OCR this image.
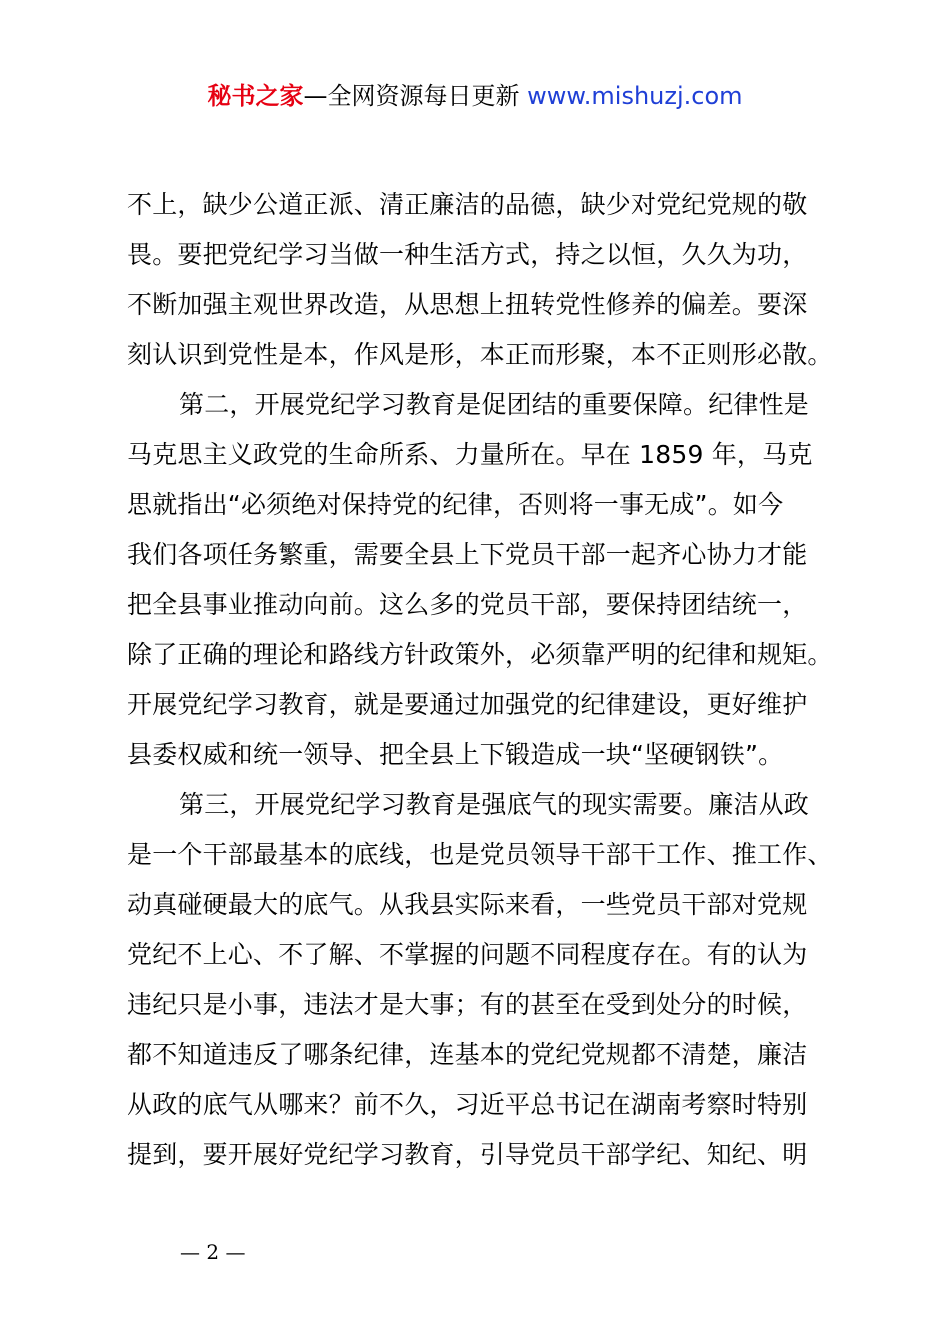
秘书之家—全网资源每日更新 www.mishuzj.com
不上，缺少公道正派、清正廉洁的品德，缺少对党纪党规的敬
畏。要把党纪学习当做一种生活方式，持之以恒，久久为功，
不断加强主观世界改造，从思想上扭转党性修养的偏差。要深
刻认识到党性是本，作风是形，本正而形聚，本不正则形必散。
第二，开展党纪学习教育是促团结的重要保障。纪律性是
马克思主义政党的生命所系、力量所在。早在 1859 年，马克
思就指出“必须绝对保持党的纪律，否则将一事无成”。如今
我们各项任务繁重，需要全县上下党员干部一起齐心协力才能
把全县事业推动向前。这么多的党员干部，要保持团结统一，
除了正确的理论和路线方针政策外，必须靠严明的纪律和规矩。
开展党纪学习教育，就是要通过加强党的纪律建设，更好维护
县委权威和统一领导、把全县上下锻造成一块“坚硬钢铁”。
第三，开展党纪学习教育是强底气的现实需要。廉洁从政
是一个干部最基本的底线，也是党员领导干部干工作、推工作、
动真碰硬最大的底气。从我县实际来看，一些党员干部对党规
党纪不上心、不了解、不掌握的问题不同程度存在。有的认为
违纪只是小事，违法才是大事；有的甚至在受到处分的时候，
都不知道违反了哪条纪律，连基本的党纪党规都不清楚，廉洁
从政的底气从哪来？前不久，习近平总书记在湖南考察时特别
提到，要开展好党纪学习教育，引导党员干部学纪、知纪、明
— 2 —
